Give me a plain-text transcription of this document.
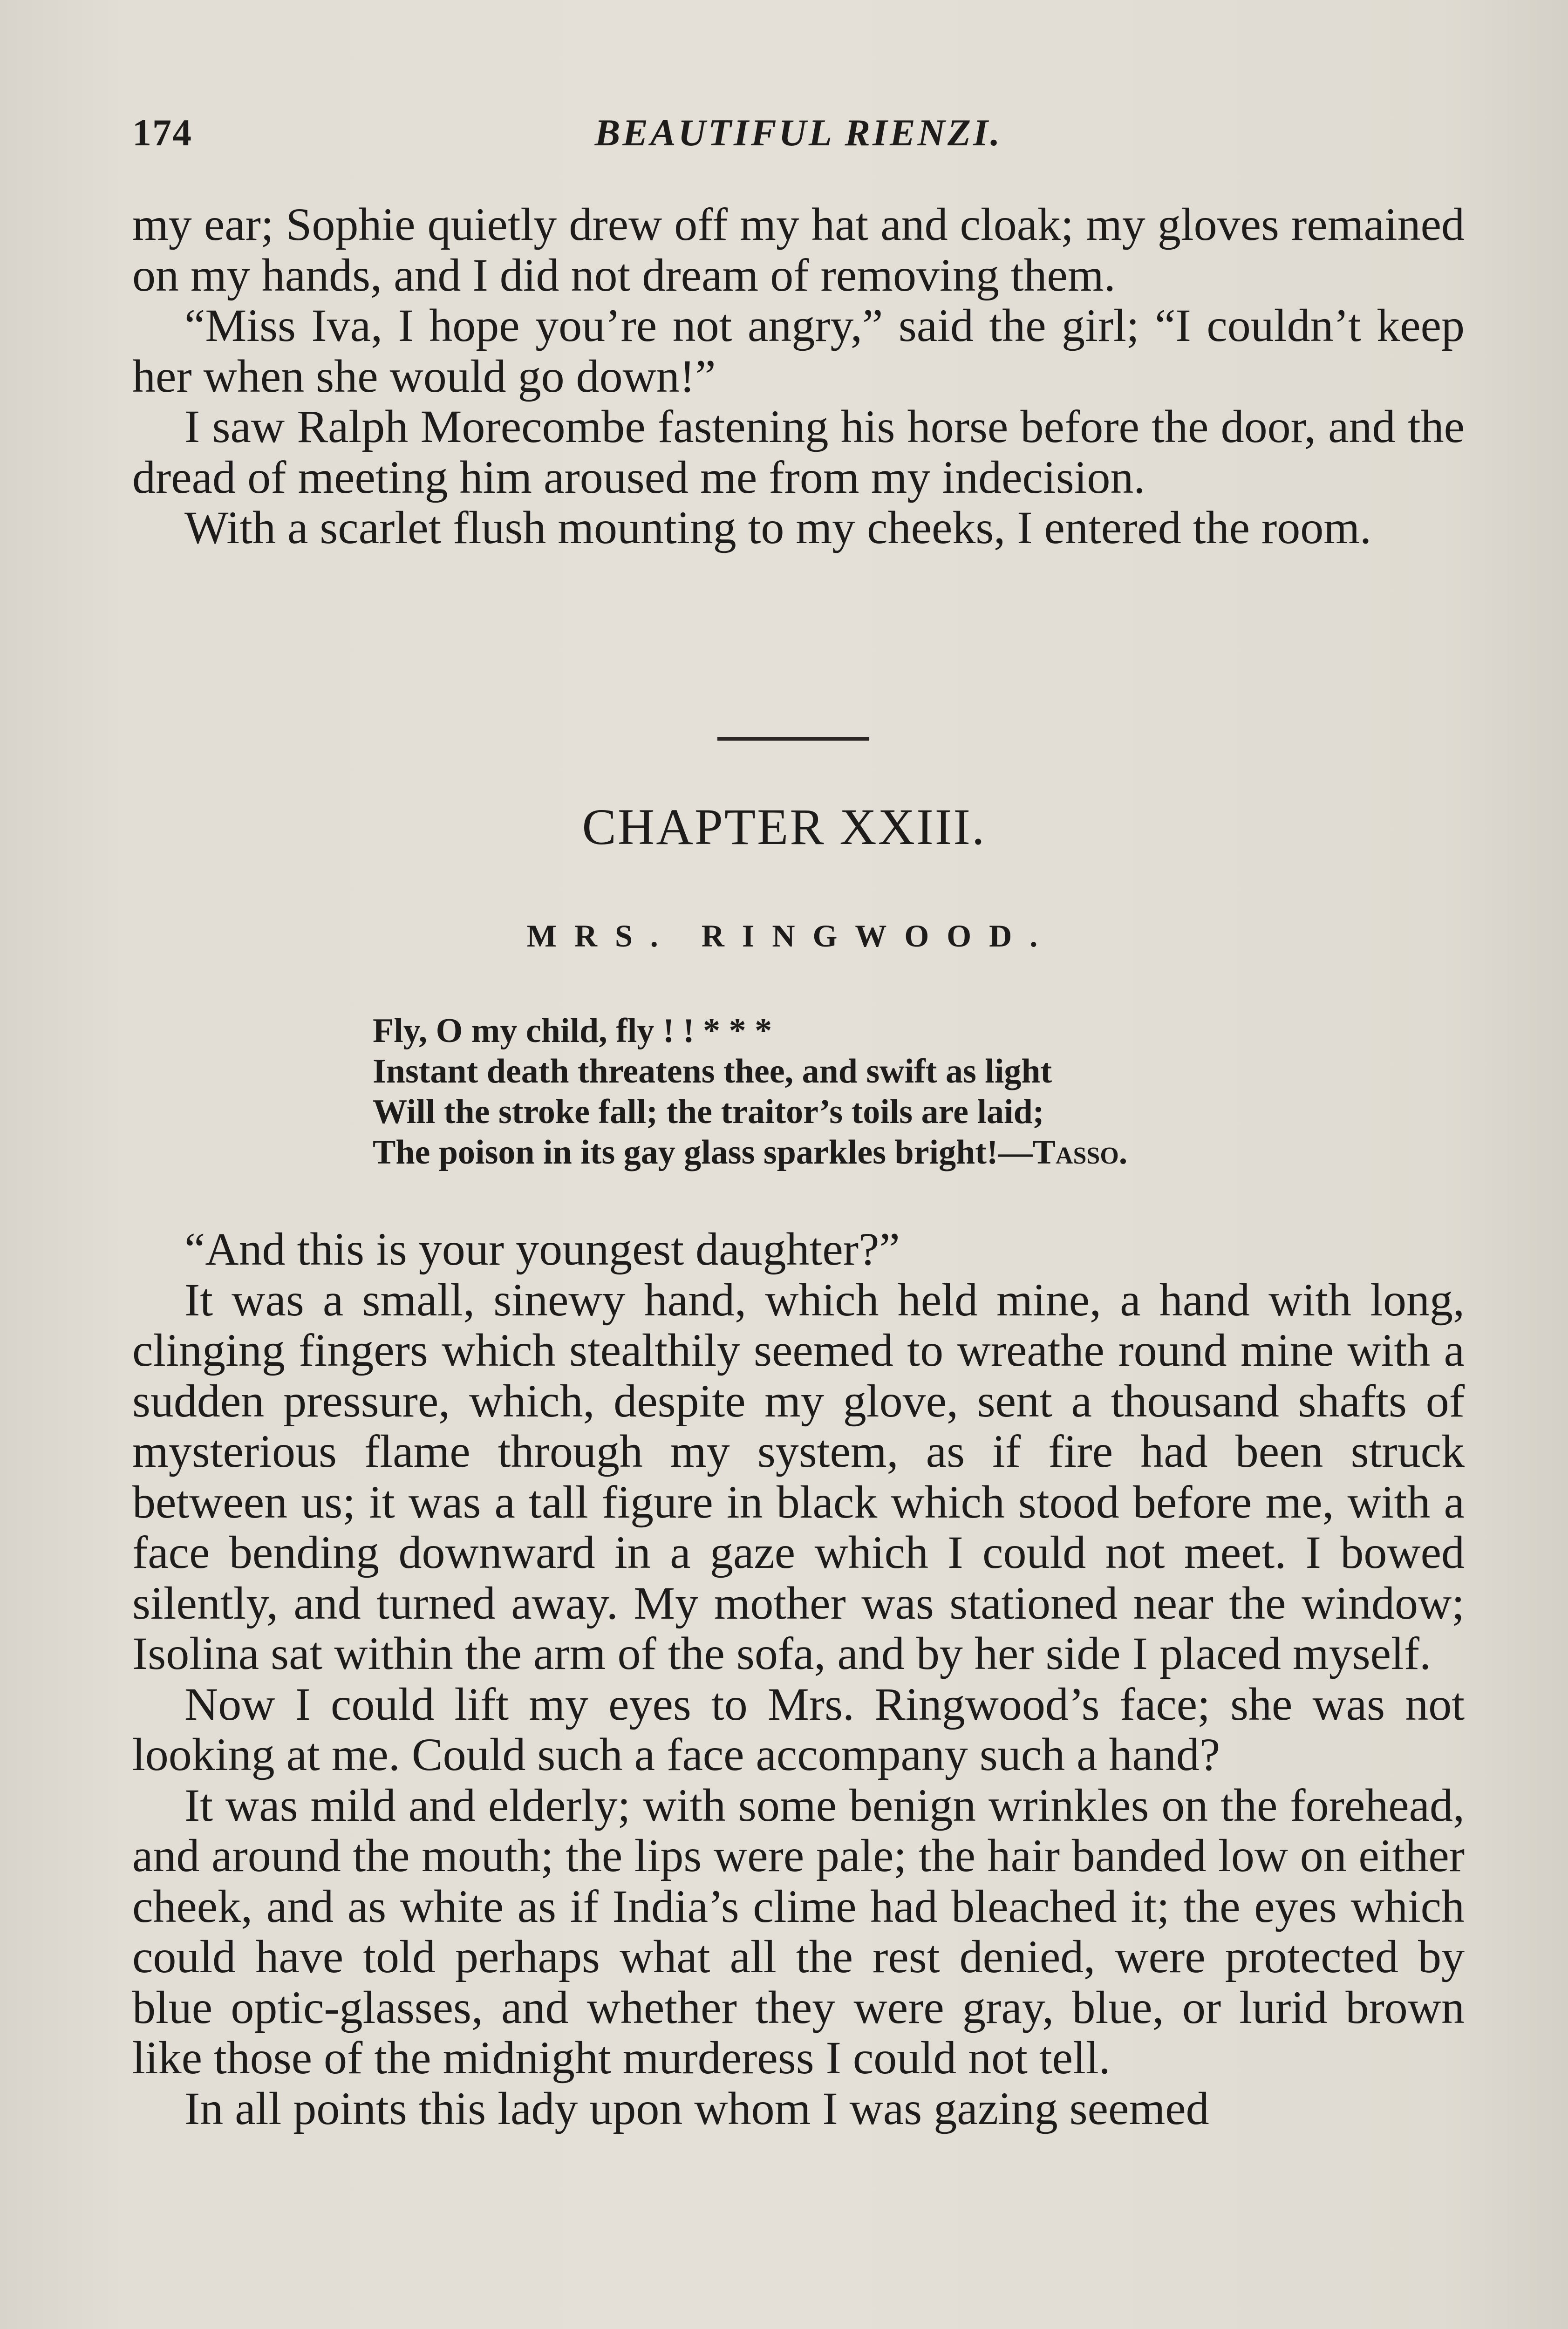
174	BEAUTIFUL RIENZI.

my ear; Sophie quietly drew off my hat and cloak; my gloves remained on my hands, and I did not dream of removing them.

“Miss Iva, I hope you’re not angry,” said the girl; “I couldn’t keep her when she would go down!”

I saw Ralph Morecombe fastening his horse before the door, and the dread of meeting him aroused me from my indecision.

With a scarlet flush mounting to my cheeks, I entered the room.

CHAPTER XXIII.
MRS. RINGWOOD.
Fly, O my child, fly ! ! * * *
Instant death threatens thee, and swift as light
Will the stroke fall; the traitor’s toils are laid;
The poison in its gay glass sparkles bright!—Tasso.

“And this is your youngest daughter?”

It was a small, sinewy hand, which held mine, a hand with long, clinging fingers which stealthily seemed to wreathe round mine with a sudden pressure, which, despite my glove, sent a thousand shafts of mysterious flame through my system, as if fire had been struck between us; it was a tall figure in black which stood before me, with a face bending downward in a gaze which I could not meet. I bowed silently, and turned away. My mother was stationed near the window; Isolina sat within the arm of the sofa, and by her side I placed myself.

Now I could lift my eyes to Mrs. Ringwood’s face; she was not looking at me. Could such a face accompany such a hand?

It was mild and elderly; with some benign wrinkles on the forehead, and around the mouth; the lips were pale; the hair banded low on either cheek, and as white as if India’s clime had bleached it; the eyes which could have told perhaps what all the rest denied, were protected by blue optic-glasses, and whether they were gray, blue, or lurid brown like those of the midnight murderess I could not tell.

In all points this lady upon whom I was gazing seemed
